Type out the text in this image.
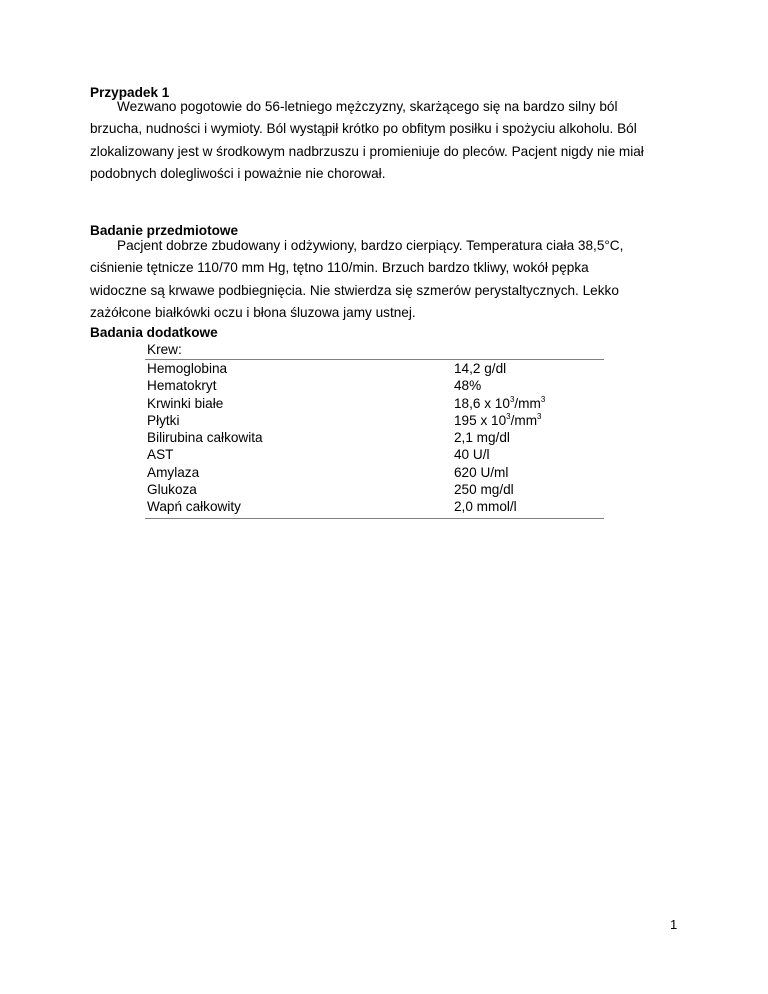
Przypadek 1

Wezwano pogotowie do 56-letniego mężczyzny, skarżącego się na bardzo silny ból
brzucha, nudności i wymioty. Ból wystąpił krótko po obfitym posiłku i spożyciu alkoholu. Ból
zlokalizowany jest w środkowym nadbrzuszu i promieniuje do pleców. Pacjent nigdy nie miał
podobnych dolegliwości i poważnie nie chorował.

Badanie przedmiotowe

Pacjent dobrze zbudowany i odżywiony, bardzo cierpiący. Temperatura ciała 38,5°C,
ciśnienie tętnicze 110/70 mm Hg, tętno 110/min. Brzuch bardzo tkliwy, wokół pępka
widoczne są krwawe podbiegnięcia. Nie stwierdza się szmerów perystaltycznych. Lekko
zażółcone białkówki oczu i błona śluzowa jamy ustnej.

Badania dodatkowe

Krew:
Hemoglobina	14,2 g/dl
Hematokryt	48%
Krwinki białe	18,6 x $10^3/mm^3$
Płytki	195 x $10^3/mm^3$
Bilirubina całkowita	2,1 mg/dl
AST	40 U/l
Amylaza	620 U/ml
Glukoza	250 mg/dl
Wapń całkowity	2,0 mmol/l
1
